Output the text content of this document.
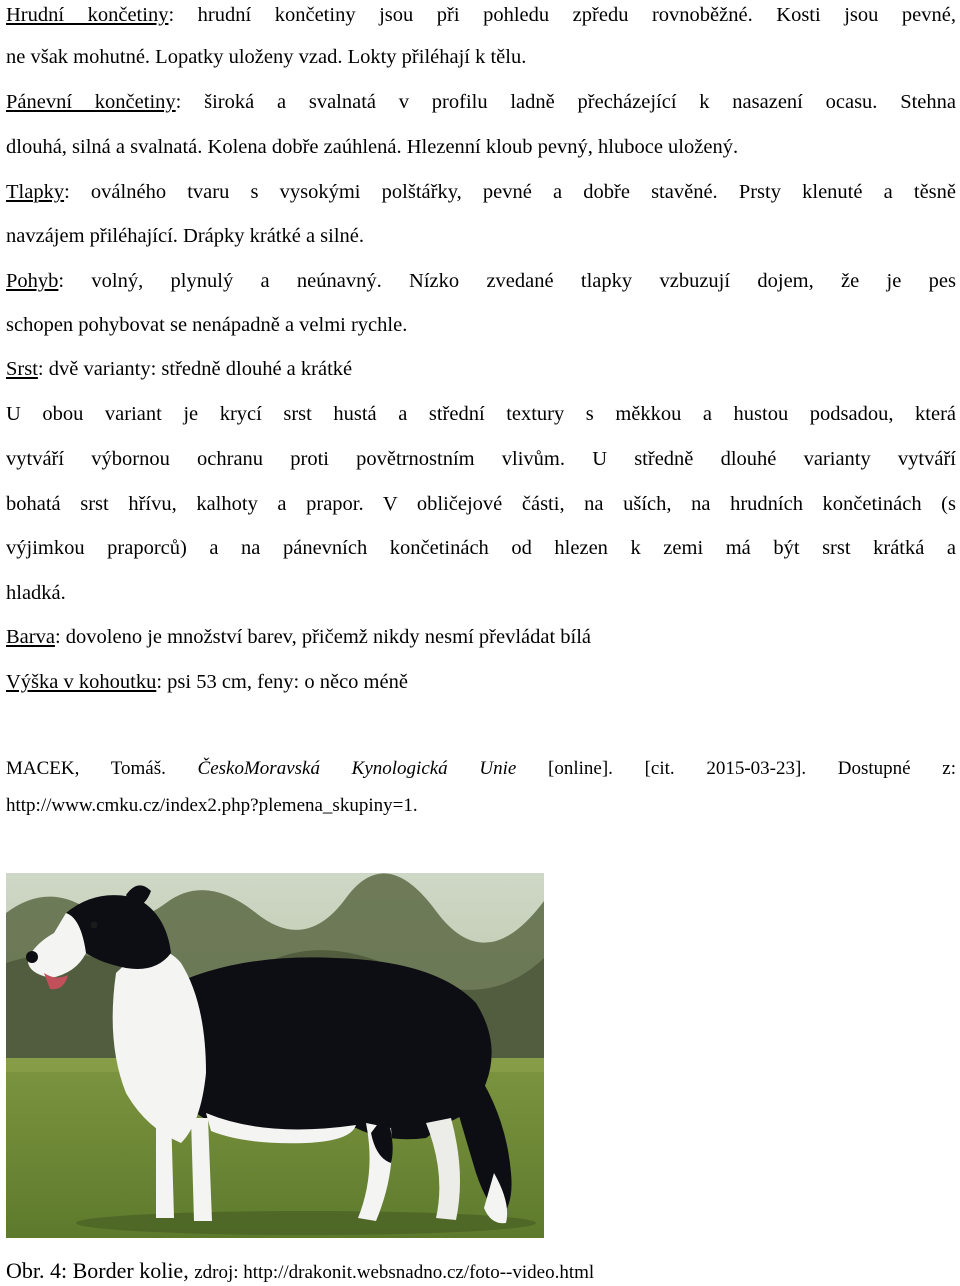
Hrudní končetiny: hrudní končetiny jsou při pohledu zpředu rovnoběžné. Kosti jsou pevné,
ne však mohutné. Lopatky uloženy vzad. Lokty přiléhají k tělu.
Pánevní končetiny: široká a svalnatá v profilu ladně přecházející k nasazení ocasu. Stehna
dlouhá, silná a svalnatá. Kolena dobře zaúhlená. Hlezenní kloub pevný, hluboce uložený.
Tlapky: oválného tvaru s vysokými polštářky, pevné a dobře stavěné. Prsty klenuté a těsně
navzájem přiléhající. Drápky krátké a silné.
Pohyb: volný, plynulý a neúnavný. Nízko zvedané tlapky vzbuzují dojem, že je pes
schopen pohybovat se nenápadně a velmi rychle.
Srst: dvě varianty: středně dlouhé a krátké
U obou variant je krycí srst hustá a střední textury s měkkou a hustou podsadou, která
vytváří výbornou ochranu proti povětrnostním vlivům. U středně dlouhé varianty vytváří
bohatá srst hřívu, kalhoty a prapor. V obličejové části, na uších, na hrudních končetinách (s
výjimkou praporců) a na pánevních končetinách od hlezen k zemi má být srst krátká a
hladká.
Barva: dovoleno je množství barev, přičemž nikdy nesmí převládat bílá
Výška v kohoutku: psi 53 cm, feny: o něco méně
MACEK, Tomáš. ČeskoMoravská Kynologická Unie [online]. [cit. 2015-03-23]. Dostupné z:
http://www.cmku.cz/index2.php?plemena_skupiny=1.
Obr. 4: Border kolie, zdroj: http://drakonit.websnadno.cz/foto--video.html
